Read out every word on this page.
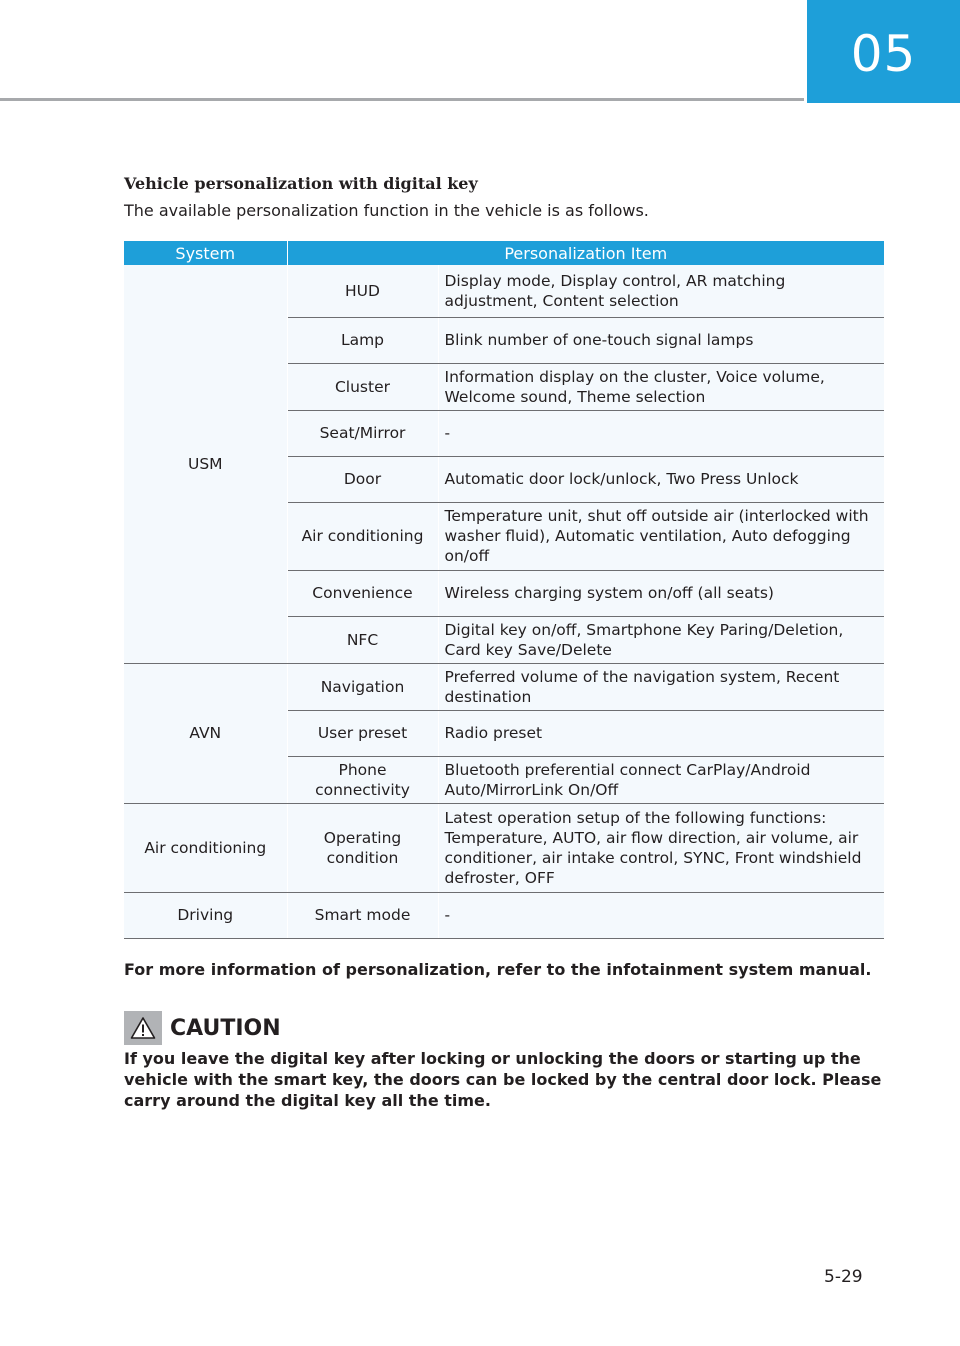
05
Vehicle personalization with digital key
The available personalization function in the vehicle is as follows.
System	Personalization Item	
USM	HUD	Display mode, Display control, AR matching adjustment, Content selection
	Lamp	Blink number of one-touch signal lamps
	Cluster	Information display on the cluster, Voice volume, Welcome sound, Theme selection
	Seat/Mirror	-
	Door	Automatic door lock/unlock, Two Press Unlock
	Air conditioning	Temperature unit, shut off outside air (interlocked with washer fluid), Automatic ventilation, Auto defogging on/off
	Convenience	Wireless charging system on/off (all seats)
	NFC	Digital key on/off, Smartphone Key Paring/Deletion, Card key Save/Delete
AVN	Navigation	Preferred volume of the navigation system, Recent destination
	User preset	Radio preset
	Phone connectivity	Bluetooth preferential connect CarPlay/Android Auto/MirrorLink On/Off
Air conditioning	Operating condition	Latest operation setup of the following functions: Temperature, AUTO, air flow direction, air volume, air conditioner, air intake control, SYNC, Front windshield defroster, OFF
Driving	Smart mode	-
For more information of personalization, refer to the infotainment system manual.
CAUTION
If you leave the digital key after locking or unlocking the doors or starting up the vehicle with the smart key, the doors can be locked by the central door lock. Please carry around the digital key all the time.
5-29
